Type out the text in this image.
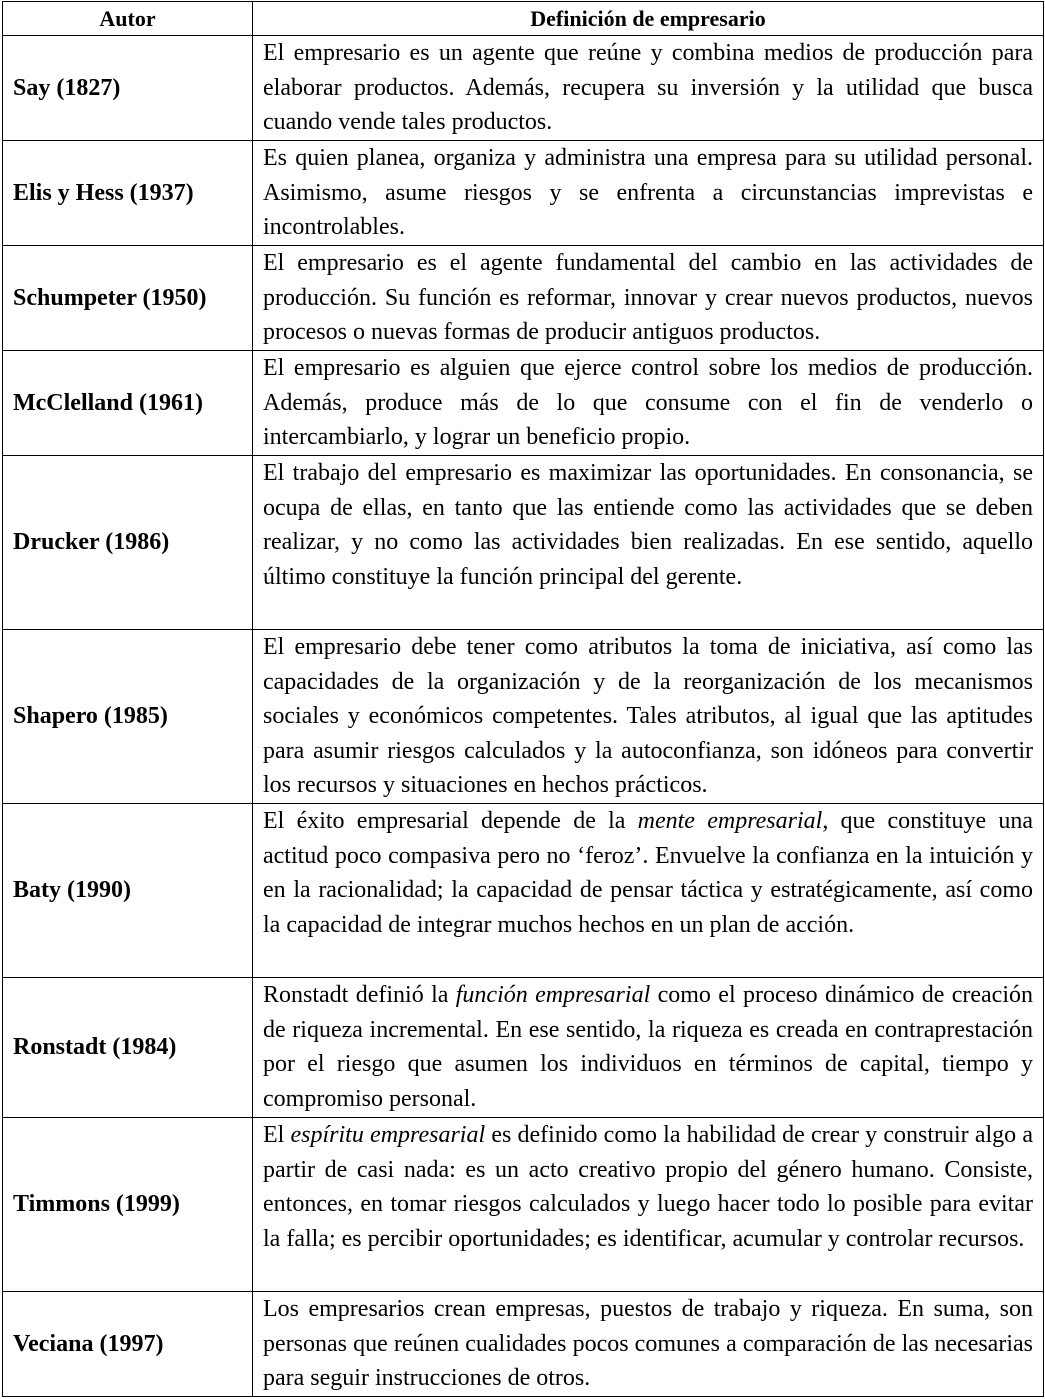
Autor	Definición de empresario
Say (1827)	El empresario es un agente que reúne y combina medios de producción para elaborar productos. Además, recupera su inversión y la utilidad que busca cuando vende tales productos.
Elis y Hess (1937)	Es quien planea, organiza y administra una empresa para su utilidad personal. Asimismo, asume riesgos y se enfrenta a circunstancias imprevistas e incontrolables.
Schumpeter (1950)	El empresario es el agente fundamental del cambio en las actividades de producción. Su función es reformar, innovar y crear nuevos productos, nuevos procesos o nuevas formas de producir antiguos productos.
McClelland (1961)	El empresario es alguien que ejerce control sobre los medios de producción. Además, produce más de lo que consume con el fin de venderlo o intercambiarlo, y lograr un beneficio propio.
Drucker (1986)	El trabajo del empresario es maximizar las oportunidades. En consonancia, se ocupa de ellas, en tanto que las entiende como las actividades que se deben realizar, y no como las actividades bien realizadas. En ese sentido, aquello último constituye la función principal del gerente.
Shapero (1985)	El empresario debe tener como atributos la toma de iniciativa, así como las capacidades de la organización y de la reorganización de los mecanismos sociales y económicos competentes. Tales atributos, al igual que las aptitudes para asumir riesgos calculados y la autoconfianza, son idóneos para convertir los recursos y situaciones en hechos prácticos.
Baty (1990)	El éxito empresarial depende de la mente empresarial, que constituye una actitud poco compasiva pero no ‘feroz’. Envuelve la confianza en la intuición y en la racionalidad; la capacidad de pensar táctica y estratégicamente, así como la capacidad de integrar muchos hechos en un plan de acción.
Ronstadt (1984)	Ronstadt definió la función empresarial como el proceso dinámico de creación de riqueza incremental. En ese sentido, la riqueza es creada en contraprestación por el riesgo que asumen los individuos en términos de capital, tiempo y compromiso personal.
Timmons (1999)	El espíritu empresarial es definido como la habilidad de crear y construir algo a partir de casi nada: es un acto creativo propio del género humano. Consiste, entonces, en tomar riesgos calculados y luego hacer todo lo posible para evitar la falla; es percibir oportunidades; es identificar, acumular y controlar recursos.
Veciana (1997)	Los empresarios crean empresas, puestos de trabajo y riqueza. En suma, son personas que reúnen cualidades pocos comunes a comparación de las necesarias para seguir instrucciones de otros.
